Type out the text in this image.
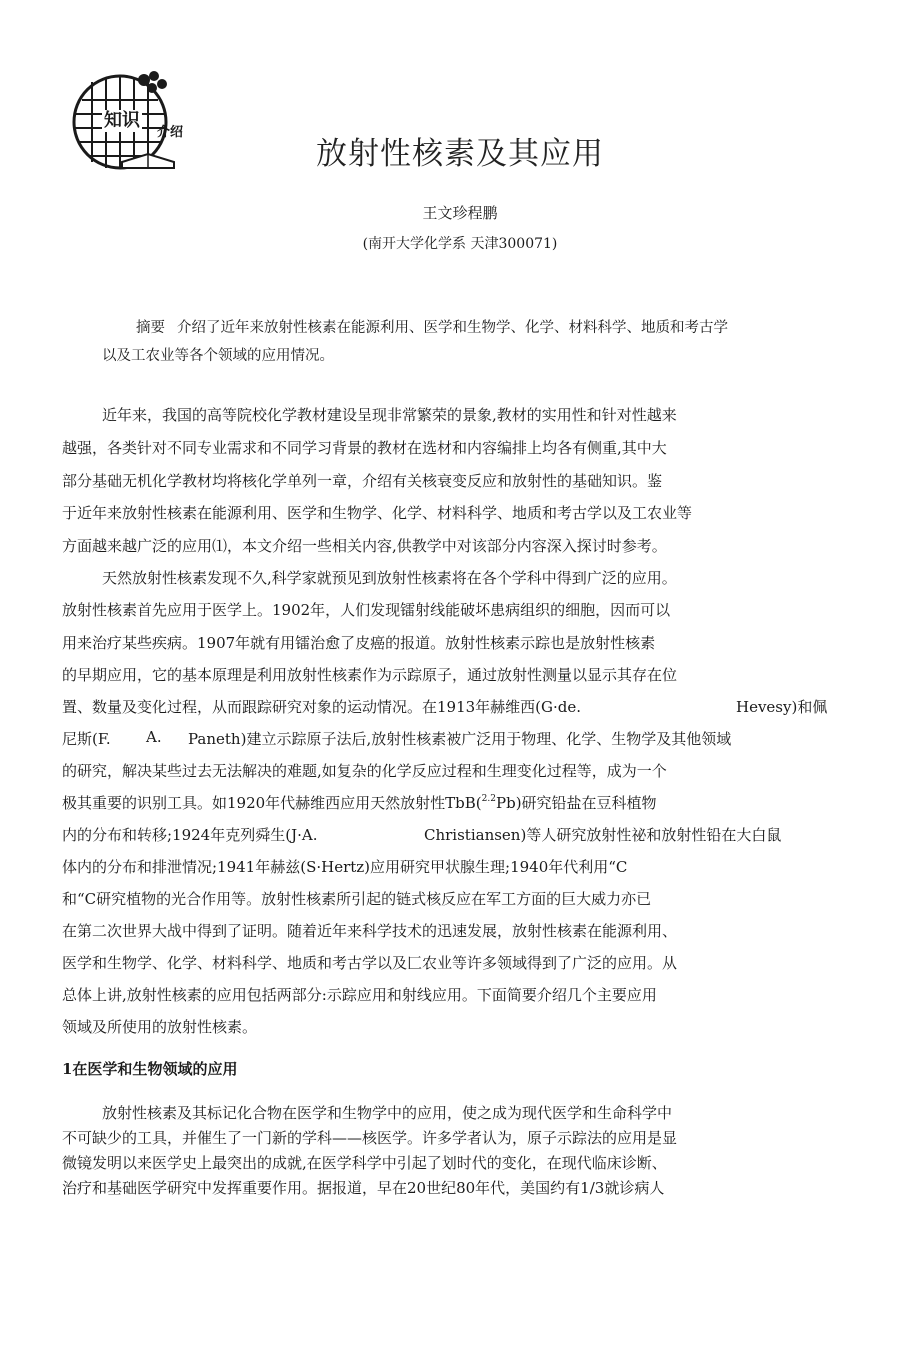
知识
介绍
放射性核素及其应用
王文珍程鹏
(南开大学化学系 天津300071)
摘要 介绍了近年来放射性核素在能源利用、医学和生物学、化学、材料科学、地质和考古学
以及工农业等各个领域的应用情况。
近年来，我国的高等院校化学教材建设呈现非常繁荣的景象,教材的实用性和针对性越来
越强，各类针对不同专业需求和不同学习背景的教材在选材和内容编排上均各有侧重,其中大
部分基础无机化学教材均将核化学单列一章，介绍有关核衰变反应和放射性的基础知识。鉴
于近年来放射性核素在能源利用、医学和生物学、化学、材料科学、地质和考古学以及工农业等
方面越来越广泛的应用⑴，本文介绍一些相关内容,供教学中对该部分内容深入探讨时参考。
天然放射性核素发现不久,科学家就预见到放射性核素将在各个学科中得到广泛的应用。
放射性核素首先应用于医学上。1902年，人们发现镭射线能破坏患病组织的细胞，因而可以
用来治疗某些疾病。1907年就有用镭治愈了皮癌的报道。放射性核素示踪也是放射性核素
的早期应用，它的基本原理是利用放射性核素作为示踪原子，通过放射性测量以显示其存在位
置、数量及变化过程，从而跟踪研究对象的运动情况。在1913年赫维西(G·de.	Hevesy)和佩
尼斯(F. A. Paneth)建立示踪原子法后,放射性核素被广泛用于物理、化学、生物学及其他领域
的研究，解决某些过去无法解决的难题,如复杂的化学反应过程和生理变化过程等，成为一个
极其重要的识别工具。如1920年代赫维西应用天然放射性TbB($^{2.2}$Pb)研究铅盐在豆科植物
内的分布和转移;1924年克列舜生(J·A.	Christiansen)等人研究放射性祕和放射性铅在大白鼠
体内的分布和排泄情况;1941年赫兹(S·Hertz)应用研究甲状腺生理;1940年代利用“C
和“C研究植物的光合作用等。放射性核素所引起的链式核反应在军工方面的巨大威力亦已
在第二次世界大战中得到了证明。随着近年来科学技术的迅速发展，放射性核素在能源利用、
医学和生物学、化学、材料科学、地质和考古学以及匚农业等许多领域得到了广泛的应用。从
总体上讲,放射性核素的应用包括两部分:示踪应用和射线应用。下面简要介绍几个主要应用
领域及所使用的放射性核素。
1在医学和生物领域的应用
放射性核素及其标记化合物在医学和生物学中的应用，使之成为现代医学和生命科学中
不可缺少的工具，并催生了一门新的学科——核医学。许多学者认为，原子示踪法的应用是显
微镜发明以来医学史上最突出的成就,在医学科学中引起了划时代的变化，在现代临床诊断、
治疗和基础医学研究中发挥重要作用。据报道，早在20世纪80年代，美国约有1/3就诊病人
